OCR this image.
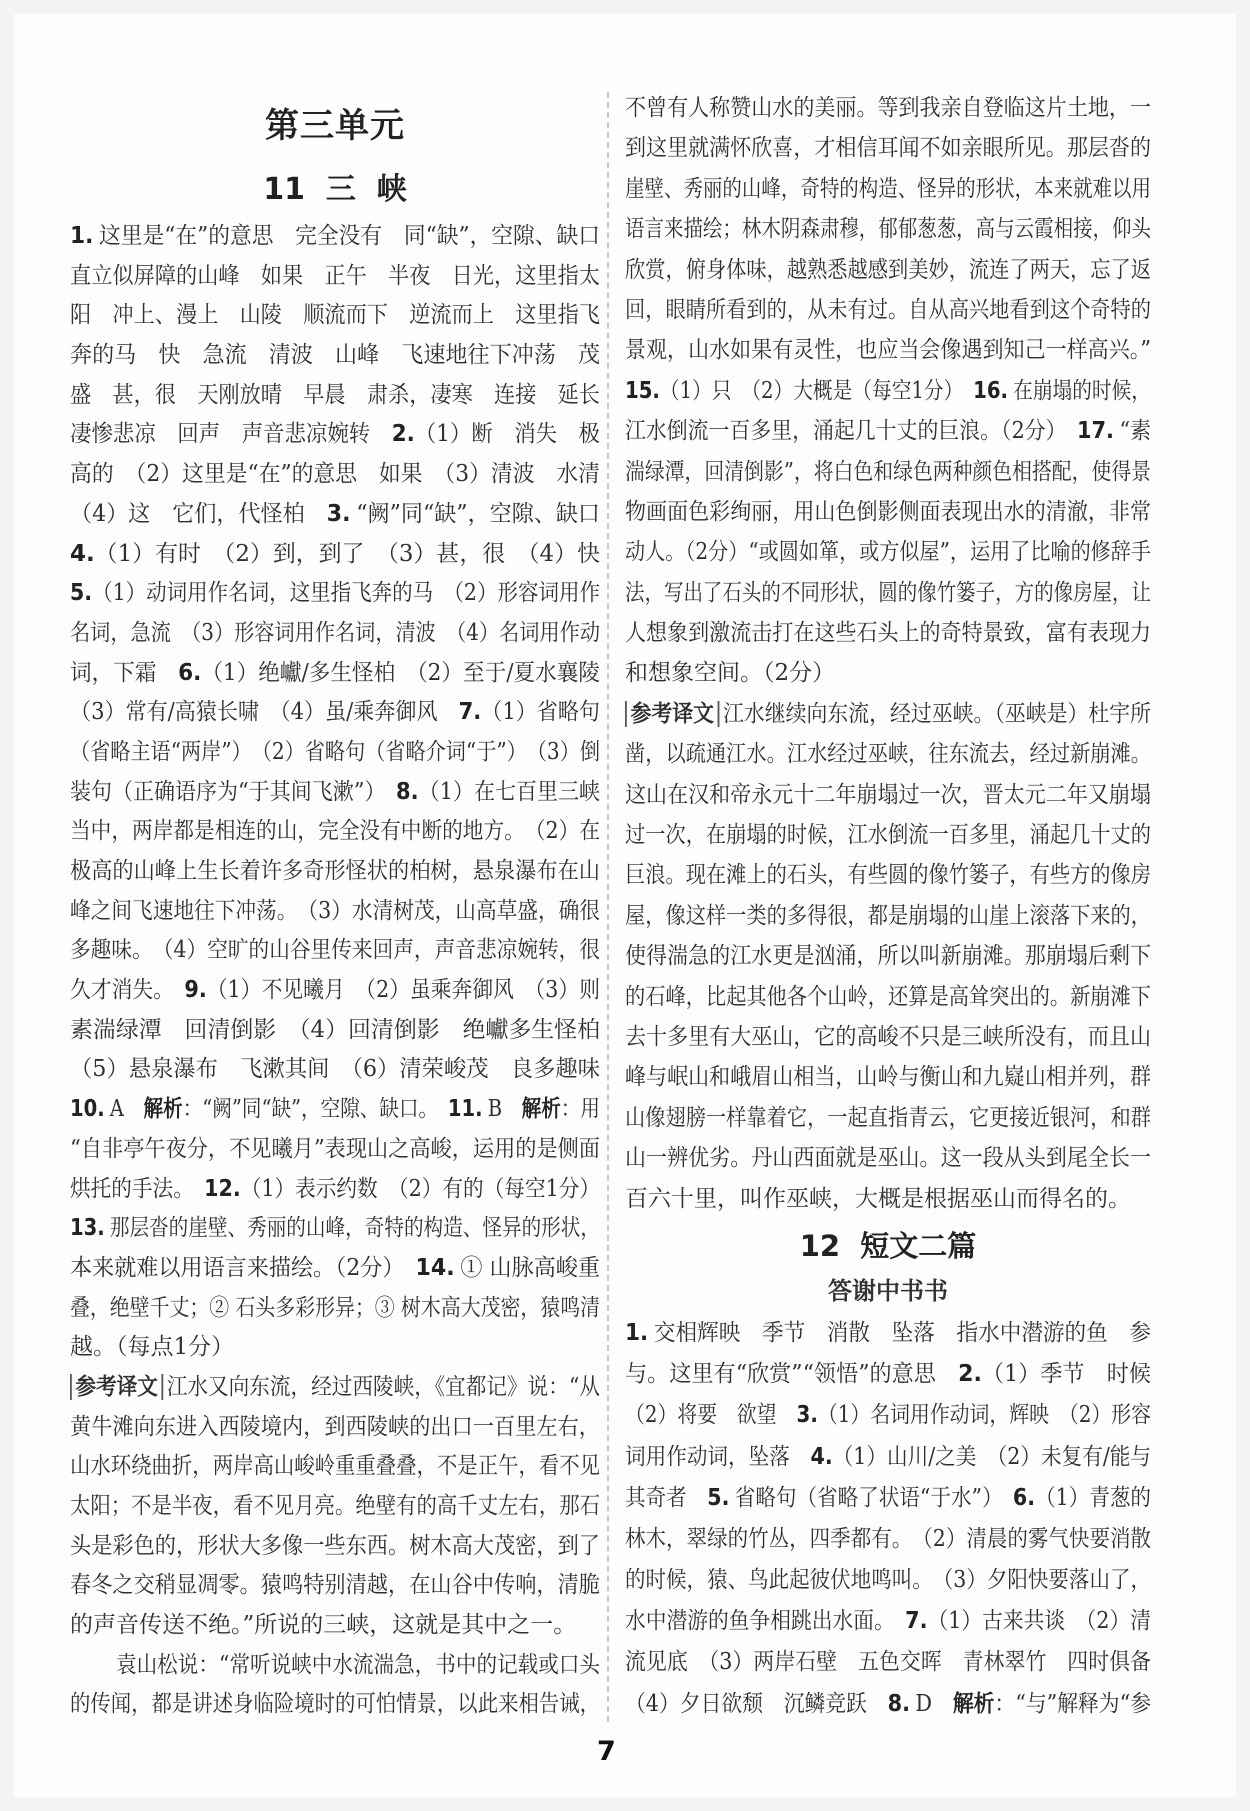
第三单元
11  三  峡
1. 这里是“在”的意思　完全没有　同“缺”，空隙、缺口
直立似屏障的山峰　如果　正午　半夜　日光，这里指太
阳　冲上、漫上　山陵　顺流而下　逆流而上　这里指飞
奔的马　快　急流　清波　山峰　飞速地往下冲荡　茂
盛　甚，很　天刚放晴　早晨　肃杀，凄寒　连接　延长
凄惨悲凉　回声　声音悲凉婉转　2.（1）断　消失　极
高的　（2）这里是“在”的意思　如果　（3）清波　水清
（4）这　它们，代怪柏　3. “阙”同“缺”，空隙、缺口
4.（1）有时　（2）到，到了　（3）甚，很　（4）快
5.（1）动词用作名词，这里指飞奔的马　（2）形容词用作
名词，急流　（3）形容词用作名词，清波　（4）名词用作动
词，下霜　6.（1）绝巘/多生怪柏　（2）至于/夏水襄陵
（3）常有/高猿长啸　（4）虽/乘奔御风　7.（1）省略句
（省略主语“两岸”）　（2）省略句（省略介词“于”）　（3）倒
装句（正确语序为“于其间飞漱”）　8.（1）在七百里三峡
当中，两岸都是相连的山，完全没有中断的地方。　（2）在
极高的山峰上生长着许多奇形怪状的柏树，悬泉瀑布在山
峰之间飞速地往下冲荡。　（3）水清树茂，山高草盛，确很
多趣味。　（4）空旷的山谷里传来回声，声音悲凉婉转，很
久才消失。　9.（1）不见曦月　（2）虽乘奔御风　（3）则
素湍绿潭　回清倒影　（4）回清倒影　绝巘多生怪柏
（5）悬泉瀑布　飞漱其间　（6）清荣峻茂　良多趣味
10. A　解析：“阙”同“缺”，空隙、缺口。　11. B　解析：用
“自非亭午夜分，不见曦月”表现山之高峻，运用的是侧面
烘托的手法。　12.（1）表示约数　（2）有的（每空1分）
13. 那层沓的崖壁、秀丽的山峰，奇特的构造、怪异的形状，
本来就难以用语言来描绘。（2分）　14. ① 山脉高峻重
叠，绝壁千丈；② 石头多彩形异；③ 树木高大茂密，猿鸣清
越。（每点1分）
参考译文 江水又向东流，经过西陵峡，《宜都记》说：“从
黄牛滩向东进入西陵境内，到西陵峡的出口一百里左右，
山水环绕曲折，两岸高山峻岭重重叠叠，不是正午，看不见
太阳；不是半夜，看不见月亮。绝壁有的高千丈左右，那石
头是彩色的，形状大多像一些东西。树木高大茂密，到了
春冬之交稍显凋零。猿鸣特别清越，在山谷中传响，清脆
的声音传送不绝。”所说的三峡，这就是其中之一。
袁山松说：“常听说峡中水流湍急，书中的记载或口头
的传闻，都是讲述身临险境时的可怕情景，以此来相告诫，
不曾有人称赞山水的美丽。等到我亲自登临这片土地，一
到这里就满怀欣喜，才相信耳闻不如亲眼所见。那层沓的
崖壁、秀丽的山峰，奇特的构造、怪异的形状，本来就难以用
语言来描绘；林木阴森肃穆，郁郁葱葱，高与云霞相接，仰头
欣赏，俯身体味，越熟悉越感到美妙，流连了两天，忘了返
回，眼睛所看到的，从未有过。自从高兴地看到这个奇特的
景观，山水如果有灵性，也应当会像遇到知己一样高兴。”
15.（1）只　（2）大概是（每空1分）　16. 在崩塌的时候，
江水倒流一百多里，涌起几十丈的巨浪。（2分）　17. “素
湍绿潭，回清倒影”，将白色和绿色两种颜色相搭配，使得景
物画面色彩绚丽，用山色倒影侧面表现出水的清澈，非常
动人。（2分）“或圆如箪，或方似屋”，运用了比喻的修辞手
法，写出了石头的不同形状，圆的像竹篓子，方的像房屋，让
人想象到激流击打在这些石头上的奇特景致，富有表现力
和想象空间。（2分）
参考译文 江水继续向东流，经过巫峡。（巫峡是）杜宇所
凿，以疏通江水。江水经过巫峡，往东流去，经过新崩滩。
这山在汉和帝永元十二年崩塌过一次，晋太元二年又崩塌
过一次，在崩塌的时候，江水倒流一百多里，涌起几十丈的
巨浪。现在滩上的石头，有些圆的像竹篓子，有些方的像房
屋，像这样一类的多得很，都是崩塌的山崖上滚落下来的，
使得湍急的江水更是汹涌，所以叫新崩滩。那崩塌后剩下
的石峰，比起其他各个山岭，还算是高耸突出的。新崩滩下
去十多里有大巫山，它的高峻不只是三峡所没有，而且山
峰与岷山和峨眉山相当，山岭与衡山和九嶷山相并列，群
山像翅膀一样靠着它，一起直指青云，它更接近银河，和群
山一辨优劣。丹山西面就是巫山。这一段从头到尾全长一
百六十里，叫作巫峡，大概是根据巫山而得名的。
12  短文二篇
答谢中书书
1. 交相辉映　季节　消散　坠落　指水中潜游的鱼　参
与。这里有“欣赏”“领悟”的意思　2.（1）季节　时候
（2）将要　欲望　3.（1）名词用作动词，辉映　（2）形容
词用作动词，坠落　4.（1）山川/之美　（2）未复有/能与
其奇者　5. 省略句（省略了状语“于水”）　6.（1）青葱的
林木，翠绿的竹丛，四季都有。　（2）清晨的雾气快要消散
的时候，猿、鸟此起彼伏地鸣叫。　（3）夕阳快要落山了，
水中潜游的鱼争相跳出水面。　7.（1）古来共谈　（2）清
流见底　（3）两岸石壁　五色交晖　青林翠竹　四时俱备
（4）夕日欲颓　沉鳞竞跃　8. D　解析：“与”解释为“参
7
